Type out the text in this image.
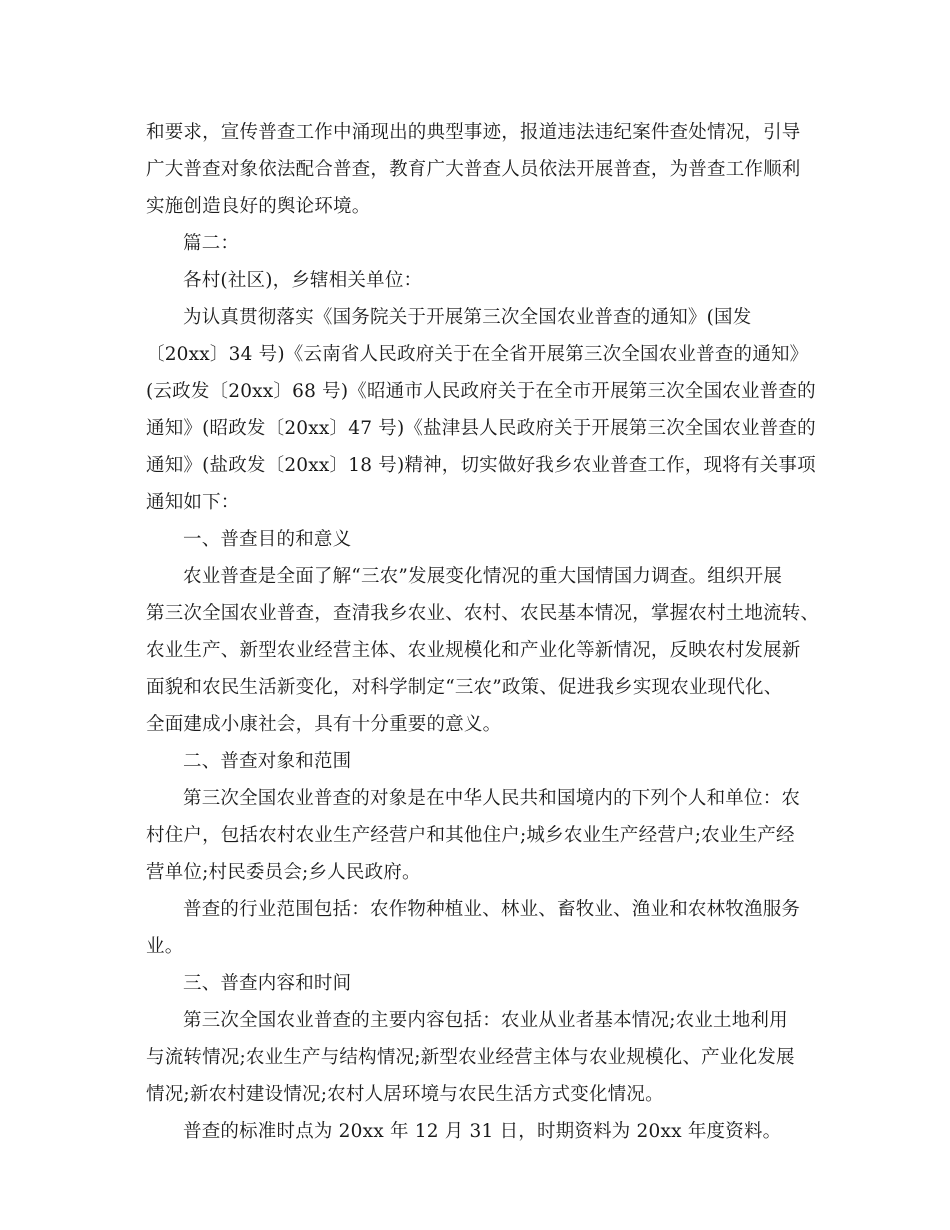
和要求，宣传普查工作中涌现出的典型事迹，报道违法违纪案件查处情况，引导
广大普查对象依法配合普查，教育广大普查人员依法开展普查，为普查工作顺利
实施创造良好的舆论环境。
篇二：
各村(社区)，乡辖相关单位：
为认真贯彻落实《国务院关于开展第三次全国农业普查的通知》(国发
〔20xx〕34 号)《云南省人民政府关于在全省开展第三次全国农业普查的通知》
(云政发〔20xx〕68 号)《昭通市人民政府关于在全市开展第三次全国农业普查的
通知》(昭政发〔20xx〕47 号)《盐津县人民政府关于开展第三次全国农业普查的
通知》(盐政发〔20xx〕18 号)精神，切实做好我乡农业普查工作，现将有关事项
通知如下：
一、普查目的和意义
农业普查是全面了解“三农”发展变化情况的重大国情国力调查。组织开展
第三次全国农业普查，查清我乡农业、农村、农民基本情况，掌握农村土地流转、
农业生产、新型农业经营主体、农业规模化和产业化等新情况，反映农村发展新
面貌和农民生活新变化，对科学制定“三农”政策、促进我乡实现农业现代化、
全面建成小康社会，具有十分重要的意义。
二、普查对象和范围
第三次全国农业普查的对象是在中华人民共和国境内的下列个人和单位：农
村住户，包括农村农业生产经营户和其他住户;城乡农业生产经营户;农业生产经
营单位;村民委员会;乡人民政府。
普查的行业范围包括：农作物种植业、林业、畜牧业、渔业和农林牧渔服务
业。
三、普查内容和时间
第三次全国农业普查的主要内容包括：农业从业者基本情况;农业土地利用
与流转情况;农业生产与结构情况;新型农业经营主体与农业规模化、产业化发展
情况;新农村建设情况;农村人居环境与农民生活方式变化情况。
普查的标准时点为 20xx 年 12 月 31 日，时期资料为 20xx 年度资料。
